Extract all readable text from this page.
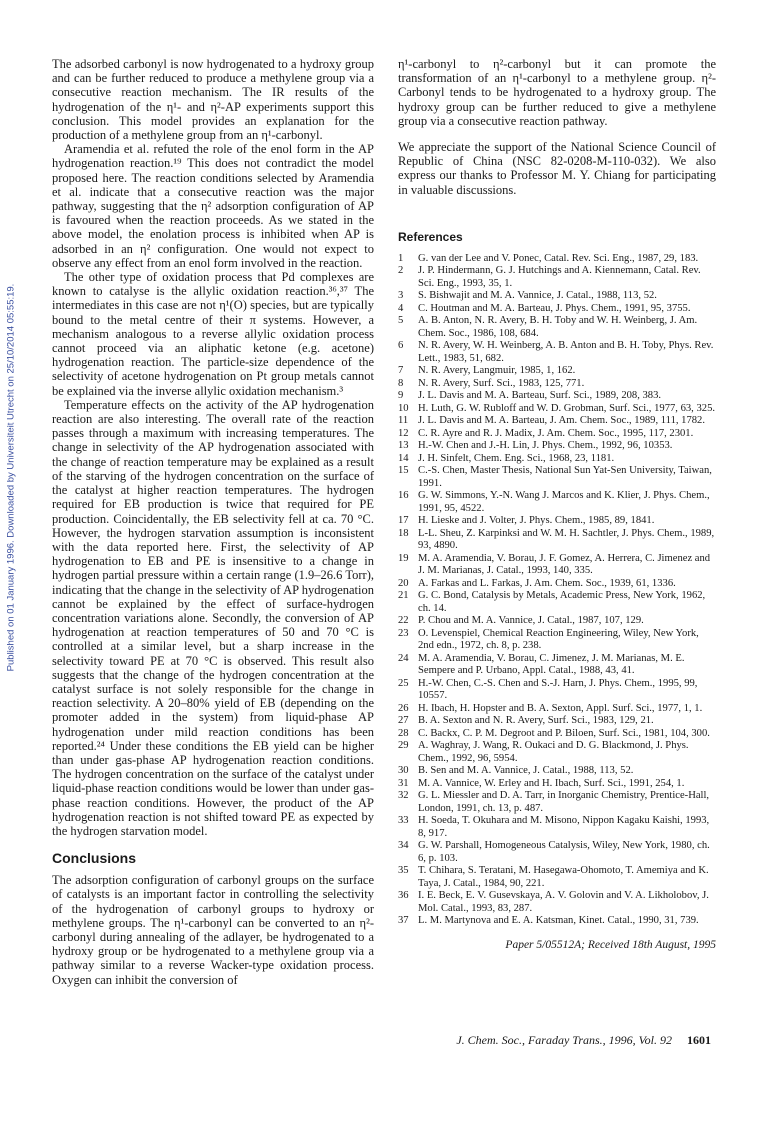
Published on 01 January 1996. Downloaded by Universiteit Utrecht on 25/10/2014 05:55:19.

The adsorbed carbonyl is now hydrogenated to a hydroxy group and can be further reduced to produce a methylene group via a consecutive reaction mechanism. The IR results of the hydrogenation of the η¹- and η²-AP experiments support this conclusion. This model provides an explanation for the production of a methylene group from an η¹-carbonyl.

Aramendia et al. refuted the role of the enol form in the AP hydrogenation reaction.¹⁹ This does not contradict the model proposed here. The reaction conditions selected by Aramendia et al. indicate that a consecutive reaction was the major pathway, suggesting that the η² adsorption configuration of AP is favoured when the reaction proceeds. As we stated in the above model, the enolation process is inhibited when AP is adsorbed in an η² configuration. One would not expect to observe any effect from an enol form involved in the reaction.

The other type of oxidation process that Pd complexes are known to catalyse is the allylic oxidation reaction.³⁶,³⁷ The intermediates in this case are not η¹(O) species, but are typically bound to the metal centre of their π systems. However, a mechanism analogous to a reverse allylic oxidation process cannot proceed via an aliphatic ketone (e.g. acetone) hydrogenation reaction. The particle-size dependence of the selectivity of acetone hydrogenation on Pt group metals cannot be explained via the inverse allylic oxidation mechanism.³

Temperature effects on the activity of the AP hydrogenation reaction are also interesting. The overall rate of the reaction passes through a maximum with increasing temperatures. The change in selectivity of the AP hydrogenation associated with the change of reaction temperature may be explained as a result of the starving of the hydrogen concentration on the surface of the catalyst at higher reaction temperatures. The hydrogen required for EB production is twice that required for PE production. Coincidentally, the EB selectivity fell at ca. 70 °C. However, the hydrogen starvation assumption is inconsistent with the data reported here. First, the selectivity of AP hydrogenation to EB and PE is insensitive to a change in hydrogen partial pressure within a certain range (1.9–26.6 Torr), indicating that the change in the selectivity of AP hydrogenation cannot be explained by the effect of surface-hydrogen concentration variations alone. Secondly, the conversion of AP hydrogenation at reaction temperatures of 50 and 70 °C is controlled at a similar level, but a sharp increase in the selectivity toward PE at 70 °C is observed. This result also suggests that the change of the hydrogen concentration at the catalyst surface is not solely responsible for the change in reaction selectivity. A 20–80% yield of EB (depending on the promoter added in the system) from liquid-phase AP hydrogenation under mild reaction conditions has been reported.²⁴ Under these conditions the EB yield can be higher than under gas-phase AP hydrogenation reaction conditions. The hydrogen concentration on the surface of the catalyst under liquid-phase reaction conditions would be lower than under gas-phase reaction conditions. However, the product of the AP hydrogenation reaction is not shifted toward PE as expected by the hydrogen starvation model.

Conclusions

The adsorption configuration of carbonyl groups on the surface of catalysts is an important factor in controlling the selectivity of the hydrogenation of carbonyl groups to hydroxy or methylene groups. The η¹-carbonyl can be converted to an η²-carbonyl during annealing of the adlayer, be hydrogenated to a hydroxy group or be hydrogenated to a methylene group via a pathway similar to a reverse Wacker-type oxidation process. Oxygen can inhibit the conversion of

η¹-carbonyl to η²-carbonyl but it can promote the transformation of an η¹-carbonyl to a methylene group. η²-Carbonyl tends to be hydrogenated to a hydroxy group. The hydroxy group can be further reduced to give a methylene group via a consecutive reaction pathway.

We appreciate the support of the National Science Council of Republic of China (NSC 82-0208-M-110-032). We also express our thanks to Professor M. Y. Chiang for participating in valuable discussions.

References
1	G. van der Lee and V. Ponec, Catal. Rev. Sci. Eng., 1987, 29, 183.
2	J. P. Hindermann, G. J. Hutchings and A. Kiennemann, Catal. Rev. Sci. Eng., 1993, 35, 1.
3	S. Bishwajit and M. A. Vannice, J. Catal., 1988, 113, 52.
4	C. Houtman and M. A. Barteau, J. Phys. Chem., 1991, 95, 3755.
5	A. B. Anton, N. R. Avery, B. H. Toby and W. H. Weinberg, J. Am. Chem. Soc., 1986, 108, 684.
6	N. R. Avery, W. H. Weinberg, A. B. Anton and B. H. Toby, Phys. Rev. Lett., 1983, 51, 682.
7	N. R. Avery, Langmuir, 1985, 1, 162.
8	N. R. Avery, Surf. Sci., 1983, 125, 771.
9	J. L. Davis and M. A. Barteau, Surf. Sci., 1989, 208, 383.
10 H. Luth, G. W. Rubloff and W. D. Grobman, Surf. Sci., 1977, 63, 325.
11 J. L. Davis and M. A. Barteau, J. Am. Chem. Soc., 1989, 111, 1782.
12 C. R. Ayre and R. J. Madix, J. Am. Chem. Soc., 1995, 117, 2301.
13 H.-W. Chen and J.-H. Lin, J. Phys. Chem., 1992, 96, 10353.
14 J. H. Sinfelt, Chem. Eng. Sci., 1968, 23, 1181.
15 C.-S. Chen, Master Thesis, National Sun Yat-Sen University, Taiwan, 1991.
16 G. W. Simmons, Y.-N. Wang J. Marcos and K. Klier, J. Phys. Chem., 1991, 95, 4522.
17 H. Lieske and J. Volter, J. Phys. Chem., 1985, 89, 1841.
18 L-L. Sheu, Z. Karpinksi and W. M. H. Sachtler, J. Phys. Chem., 1989, 93, 4890.
19 M. A. Aramendia, V. Borau, J. F. Gomez, A. Herrera, C. Jimenez and J. M. Marianas, J. Catal., 1993, 140, 335.
20 A. Farkas and L. Farkas, J. Am. Chem. Soc., 1939, 61, 1336.
21 G. C. Bond, Catalysis by Metals, Academic Press, New York, 1962, ch. 14.
22 P. Chou and M. A. Vannice, J. Catal., 1987, 107, 129.
23 O. Levenspiel, Chemical Reaction Engineering, Wiley, New York, 2nd edn., 1972, ch. 8, p. 238.
24 M. A. Aramendia, V. Borau, C. Jimenez, J. M. Marianas, M. E. Sempere and P. Urbano, Appl. Catal., 1988, 43, 41.
25 H.-W. Chen, C.-S. Chen and S.-J. Harn, J. Phys. Chem., 1995, 99, 10557.
26 H. Ibach, H. Hopster and B. A. Sexton, Appl. Surf. Sci., 1977, 1, 1.
27 B. A. Sexton and N. R. Avery, Surf. Sci., 1983, 129, 21.
28 C. Backx, C. P. M. Degroot and P. Biloen, Surf. Sci., 1981, 104, 300.
29 A. Waghray, J. Wang, R. Oukaci and D. G. Blackmond, J. Phys. Chem., 1992, 96, 5954.
30 B. Sen and M. A. Vannice, J. Catal., 1988, 113, 52.
31 M. A. Vannice, W. Erley and H. Ibach, Surf. Sci., 1991, 254, 1.
32 G. L. Miessler and D. A. Tarr, in Inorganic Chemistry, Prentice-Hall, London, 1991, ch. 13, p. 487.
33 H. Soeda, T. Okuhara and M. Misono, Nippon Kagaku Kaishi, 1993, 8, 917.
34 G. W. Parshall, Homogeneous Catalysis, Wiley, New York, 1980, ch. 6, p. 103.
35 T. Chihara, S. Teratani, M. Hasegawa-Ohomoto, T. Amemiya and K. Taya, J. Catal., 1984, 90, 221.
36 I. E. Beck, E. V. Gusevskaya, A. V. Golovin and V. A. Likholobov, J. Mol. Catal., 1993, 83, 287.
37 L. M. Martynova and E. A. Katsman, Kinet. Catal., 1990, 31, 739.
Paper 5/05512A; Received 18th August, 1995
J. Chem. Soc., Faraday Trans., 1996, Vol. 92 1601
